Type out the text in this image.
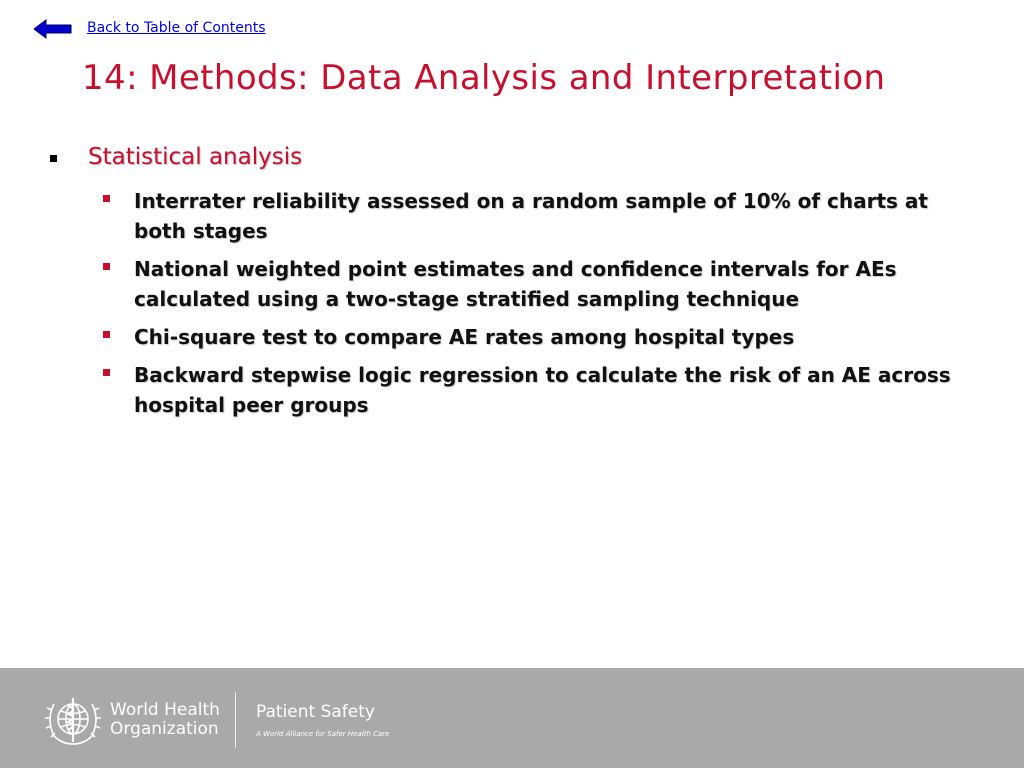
Back to Table of Contents
14: Methods: Data Analysis and Interpretation
Statistical analysis
Interrater reliability assessed on a random sample of 10% of charts at both stages
National weighted point estimates and confidence intervals for AEs calculated using a two-stage stratified sampling technique
Chi-square test to compare AE rates among hospital types
Backward stepwise logic regression to calculate the risk of an AE across hospital peer groups
World Health
Organization
Patient Safety
A World Alliance for Safer Health Care
